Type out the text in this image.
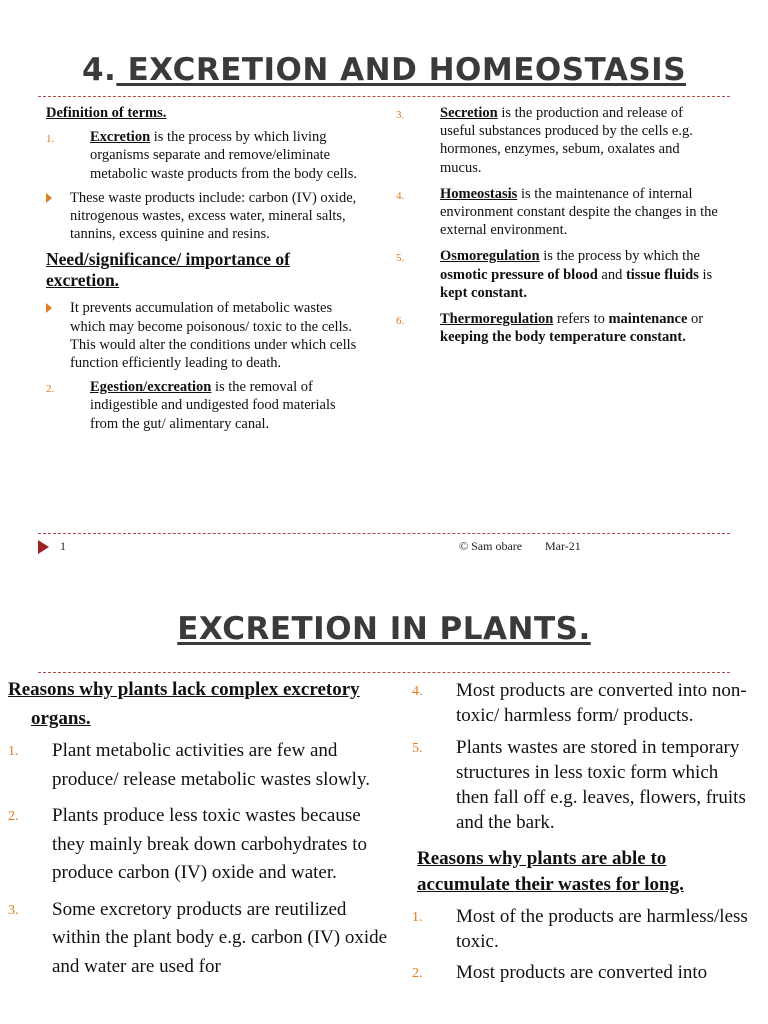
4. EXCRETION AND HOMEOSTASIS
Definition of terms.
1. Excretion is the process by which living organisms separate and remove/eliminate metabolic waste products from the body cells.
These waste products include: carbon (IV) oxide, nitrogenous wastes, excess water, mineral salts, tannins, excess quinine and resins.
Need/significance/ importance of excretion.
It prevents accumulation of metabolic wastes which may become poisonous/ toxic to the cells. This would alter the conditions under which cells function efficiently leading to death.
2. Egestion/excreation is the removal of indigestible and undigested food materials from the gut/ alimentary canal.
3. Secretion is the production and release of useful substances produced by the cells e.g. hormones, enzymes, sebum, oxalates and mucus.
4. Homeostasis is the maintenance of internal environment constant despite the changes in the external environment.
5. Osmoregulation is the process by which the osmotic pressure of blood and tissue fluids is kept constant.
6. Thermoregulation refers to maintenance or keeping the body temperature constant.
1	© Sam obare Mar-21
EXCRETION IN PLANTS.
Reasons why plants lack complex excretory organs.
1. Plant metabolic activities are few and produce/ release metabolic wastes slowly.
2. Plants produce less toxic wastes because they mainly break down carbohydrates to produce carbon (IV) oxide and water.
3. Some excretory products are reutilized within the plant body e.g. carbon (IV) oxide and water are used for
4. Most products are converted into non-toxic/ harmless form/ products.
5. Plants wastes are stored in temporary structures in less toxic form which then fall off e.g. leaves, flowers, fruits and the bark.
Reasons why plants are able to accumulate their wastes for long.
1. Most of the products are harmless/less toxic.
2. Most products are converted into
